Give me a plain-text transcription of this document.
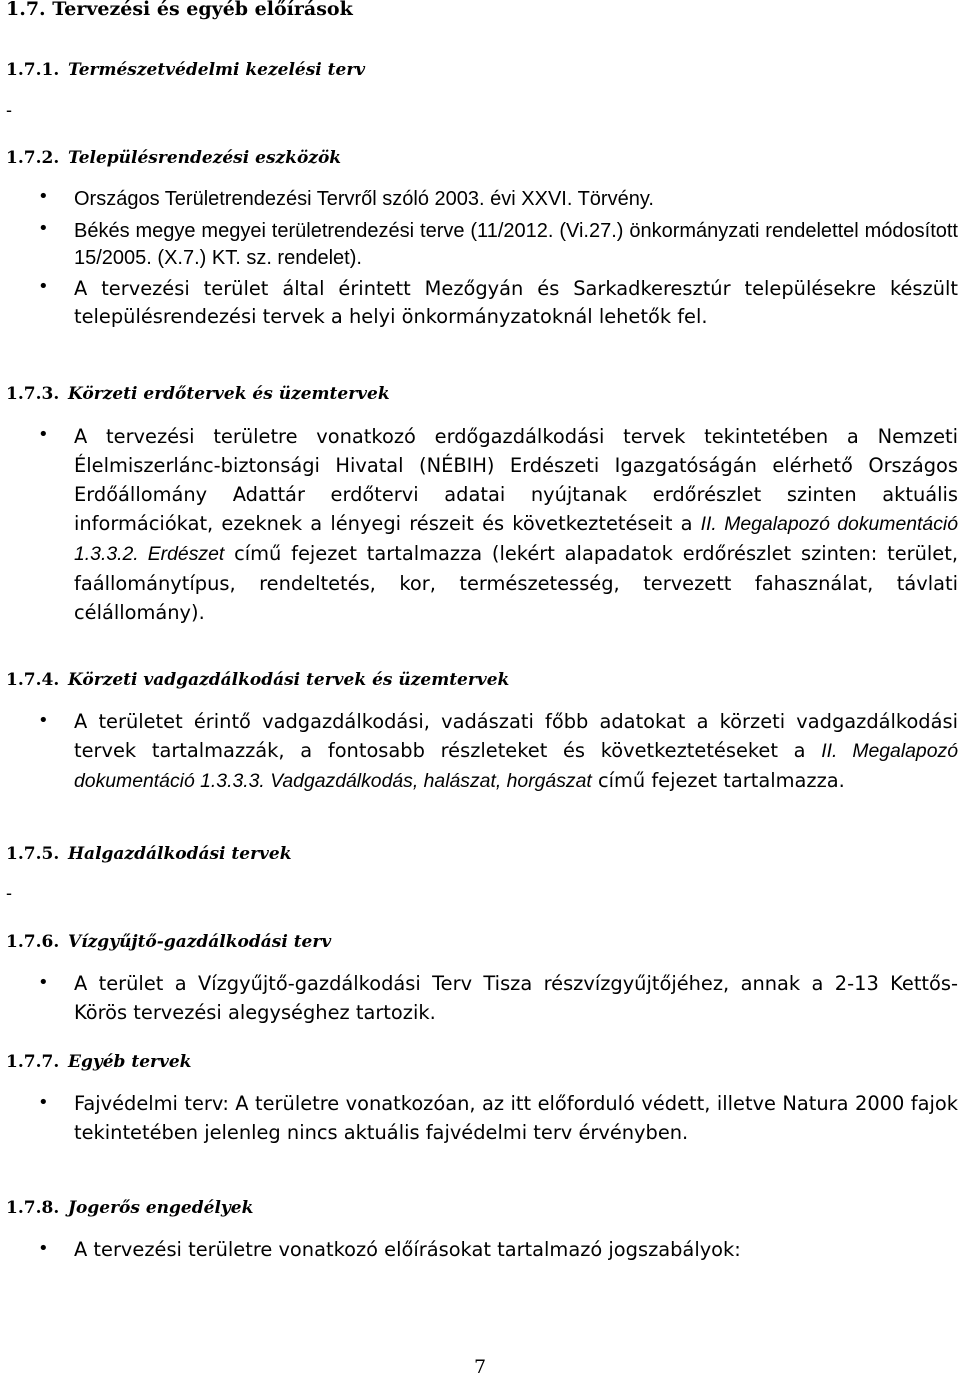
1.7. Tervezési és egyéb előírások
1.7.1. Természetvédelmi kezelési terv
-
1.7.2. Településrendezési eszközök
• Országos Területrendezési Tervről szóló 2003. évi XXVI. Törvény.
• Békés megye megyei területrendezési terve (11/2012. (Vi.27.) önkormányzati rendelettel módosított 15/2005. (X.7.) KT. sz. rendelet).
• A tervezési terület által érintett Mezőgyán és Sarkadkeresztúr településekre készült településrendezési tervek a helyi önkormányzatoknál lehetők fel.
1.7.3. Körzeti erdőtervek és üzemtervek
• A tervezési területre vonatkozó erdőgazdálkodási tervek tekintetében a Nemzeti Élelmiszerlánc-biztonsági Hivatal (NÉBIH) Erdészeti Igazgatóságán elérhető Országos Erdőállomány Adattár erdőtervi adatai nyújtanak erdőrészlet szinten aktuális információkat, ezeknek a lényegi részeit és következtetéseit a II. Megalapozó dokumentáció 1.3.3.2. Erdészet című fejezet tartalmazza (lekért alapadatok erdőrészlet szinten: terület, faállománytípus, rendeltetés, kor, természetesség, tervezett fahasználat, távlati célállomány).
1.7.4. Körzeti vadgazdálkodási tervek és üzemtervek
• A területet érintő vadgazdálkodási, vadászati főbb adatokat a körzeti vadgazdálkodási tervek tartalmazzák, a fontosabb részleteket és következtetéseket a II. Megalapozó dokumentáció 1.3.3.3. Vadgazdálkodás, halászat, horgászat című fejezet tartalmazza.
1.7.5. Halgazdálkodási tervek
-
1.7.6. Vízgyűjtő-gazdálkodási terv
• A terület a Vízgyűjtő-gazdálkodási Terv Tisza részvízgyűjtőjéhez, annak a 2-13 Kettős-Körös tervezési alegységhez tartozik.
1.7.7. Egyéb tervek
• Fajvédelmi terv: A területre vonatkozóan, az itt előforduló védett, illetve Natura 2000 fajok tekintetében jelenleg nincs aktuális fajvédelmi terv érvényben.
1.7.8. Jogerős engedélyek
• A tervezési területre vonatkozó előírásokat tartalmazó jogszabályok:
7
